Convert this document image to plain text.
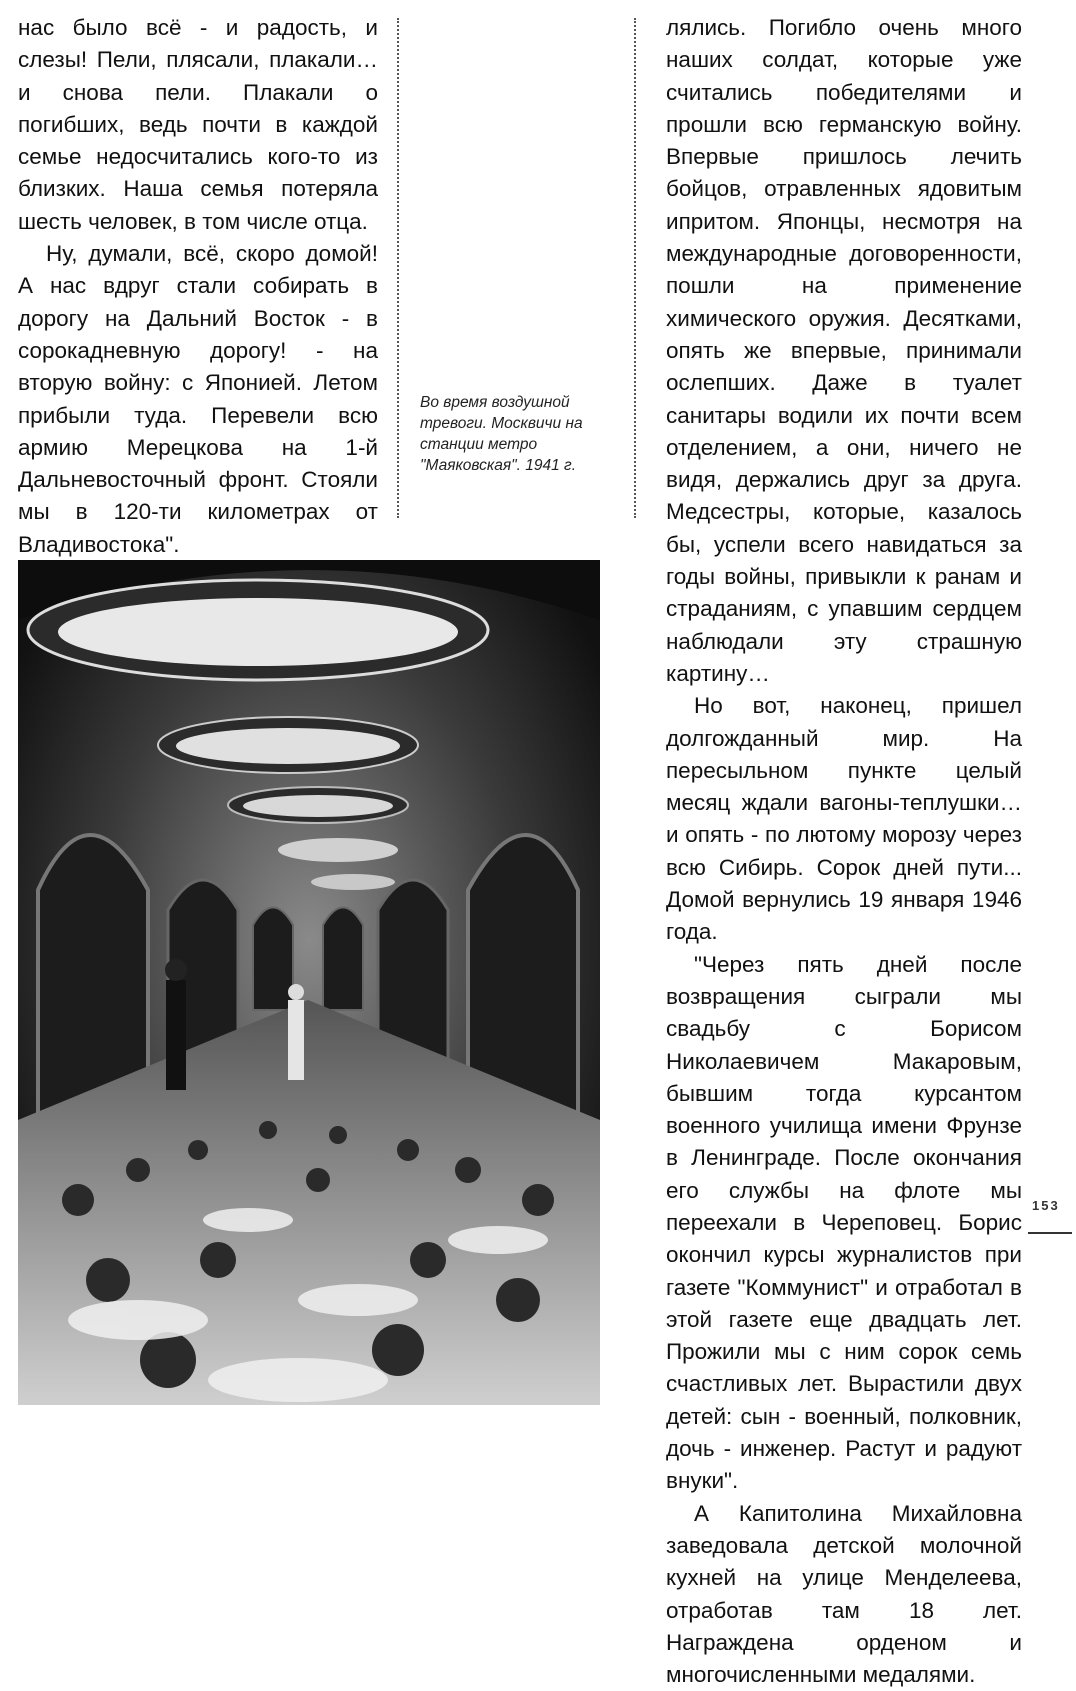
нас было всё - и радость, и слезы! Пели, плясали, плакали… и снова пели. Плакали о погибших, ведь почти в каждой семье недосчитались кого-то из близких. Наша семья потеряла шесть человек, в том числе отца.

Ну, думали, всё, скоро домой! А нас вдруг стали собирать в дорогу на Дальний Восток - в сорокадневную дорогу! - на вторую войну: с Японией. Летом прибыли туда. Перевели всю армию Мерецкова на 1-й Дальневосточный фронт. Стояли мы в 120-ти километрах от Владивостока".

Во время воздушной тревоги. Москвичи на станции метро "Маяковская". 1941 г.

лялись. Погибло очень много наших солдат, которые уже считались победителями и прошли всю германскую войну. Впервые пришлось лечить бойцов, отравленных ядовитым ипритом. Японцы, несмотря на международные договоренности, пошли на применение химического оружия. Десятками, опять же впервые, принимали ослепших. Даже в туалет санитары водили их почти всем отделением, а они, ничего не видя, держались друг за друга. Медсестры, которые, казалось бы, успели всего навидаться за годы войны, привыкли к ранам и страданиям, с упавшим сердцем наблюдали эту страшную картину…

Но вот, наконец, пришел долгожданный мир. На пересыльном пункте целый месяц ждали вагоны-теплушки… и опять - по лютому морозу через всю Сибирь. Сорок дней пути... Домой вернулись 19 января 1946 года.

"Через пять дней после возвращения сыграли мы свадьбу с Борисом Николаевичем Макаровым, бывшим тогда курсантом военного училища имени Фрунзе в Ленинграде. После окончания его службы на флоте мы переехали в Череповец. Борис окончил курсы журналистов при газете "Коммунист" и отработал в этой газете еще двадцать лет. Прожили мы с ним сорок семь счастливых лет. Вырастили двух детей: сын - военный, полковник, дочь - инженер. Растут и радуют внуки".

А Капитолина Михайловна заведовала детской молочной кухней на улице Менделеева, отработав там 18 лет. Награждена орденом и многочисленными медалями.

153
